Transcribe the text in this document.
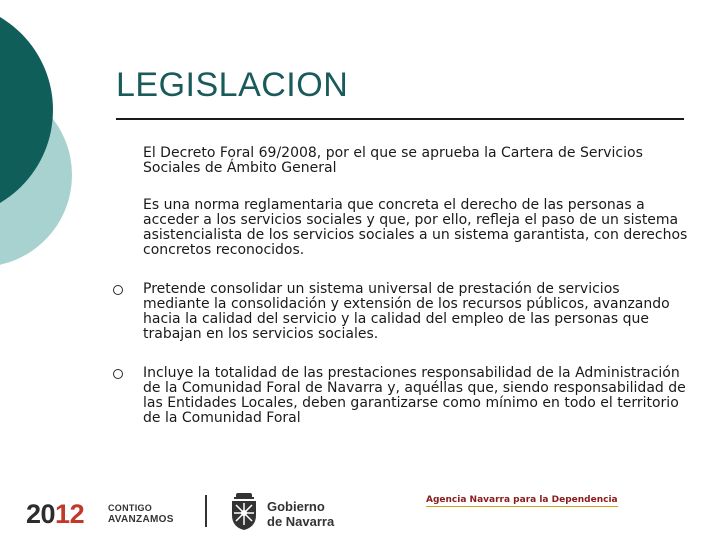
LEGISLACION
El Decreto Foral 69/2008, por el que se aprueba la Cartera de Servicios Sociales de Ámbito General
Es una norma reglamentaria que concreta el derecho de las personas a acceder a los servicios sociales y que, por ello, refleja el paso de un sistema asistencialista de los servicios sociales a un sistema garantista, con derechos concretos reconocidos.
Pretende consolidar un sistema universal de prestación de servicios mediante la consolidación y extensión de los recursos públicos, avanzando hacia la calidad del servicio y la calidad del empleo de las personas que trabajan en los servicios sociales.
Incluye la totalidad de las prestaciones responsabilidad de la Administración de la Comunidad Foral de Navarra y, aquéllas que, siendo responsabilidad de las Entidades Locales, deben garantizarse como mínimo en todo el territorio de la Comunidad Foral
2012	CONTIGO
AVANZAMOS
Gobierno
de Navarra
Agencia Navarra para la Dependencia
